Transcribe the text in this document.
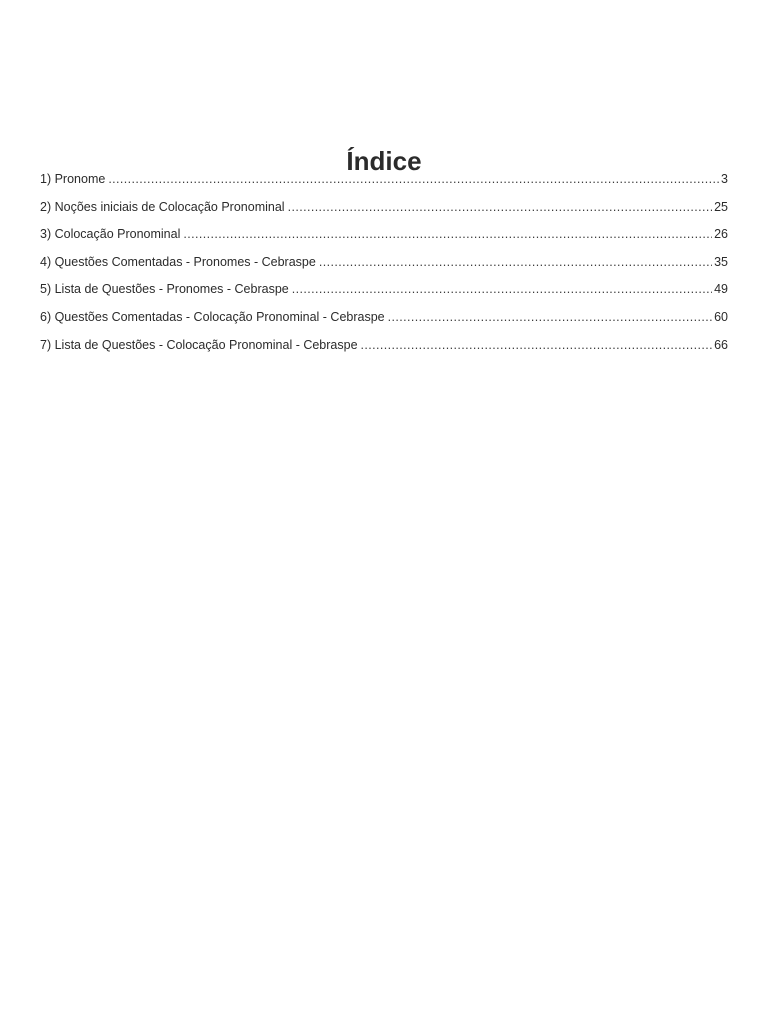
Índice
1) Pronome .....	3
2) Noções iniciais de Colocação Pronominal .....	25
3) Colocação Pronominal .....	26
4) Questões Comentadas - Pronomes - Cebraspe .....	35
5) Lista de Questões - Pronomes - Cebraspe .....	49
6) Questões Comentadas - Colocação Pronominal - Cebraspe .....	60
7) Lista de Questões - Colocação Pronominal - Cebraspe .....	66
